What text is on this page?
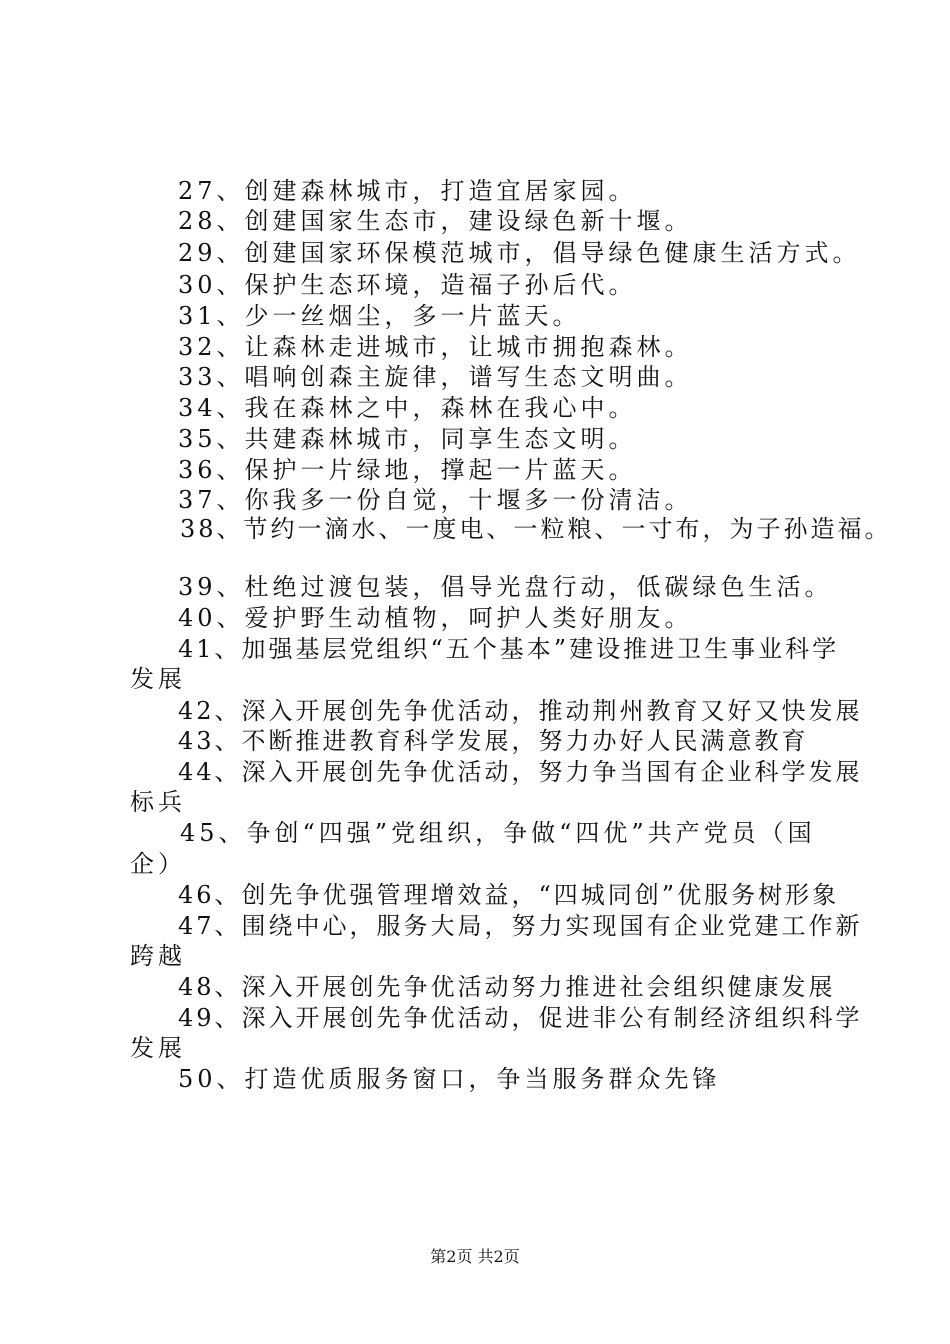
27、创建森林城市，打造宜居家园。
28、创建国家生态市，建设绿色新十堰。
29、创建国家环保模范城市，倡导绿色健康生活方式。
30、保护生态环境，造福子孙后代。
31、少一丝烟尘，多一片蓝天。
32、让森林走进城市，让城市拥抱森林。
33、唱响创森主旋律，谱写生态文明曲。
34、我在森林之中，森林在我心中。
35、共建森林城市，同享生态文明。
36、保护一片绿地，撑起一片蓝天。
37、你我多一份自觉，十堰多一份清洁。
38、节约一滴水、一度电、一粒粮、一寸布，为子孙造福。
39、杜绝过渡包装，倡导光盘行动，低碳绿色生活。
40、爱护野生动植物，呵护人类好朋友。
41、加强基层党组织“五个基本”建设推进卫生事业科学
发展
42、深入开展创先争优活动，推动荆州教育又好又快发展
43、不断推进教育科学发展，努力办好人民满意教育
44、深入开展创先争优活动，努力争当国有企业科学发展
标兵
45、争创“四强”党组织，争做“四优”共产党员（国
企）
46、创先争优强管理增效益，“四城同创”优服务树形象
47、围绕中心，服务大局，努力实现国有企业党建工作新
跨越
48、深入开展创先争优活动努力推进社会组织健康发展
49、深入开展创先争优活动，促进非公有制经济组织科学
发展
50、打造优质服务窗口，争当服务群众先锋
第2页 共2页
